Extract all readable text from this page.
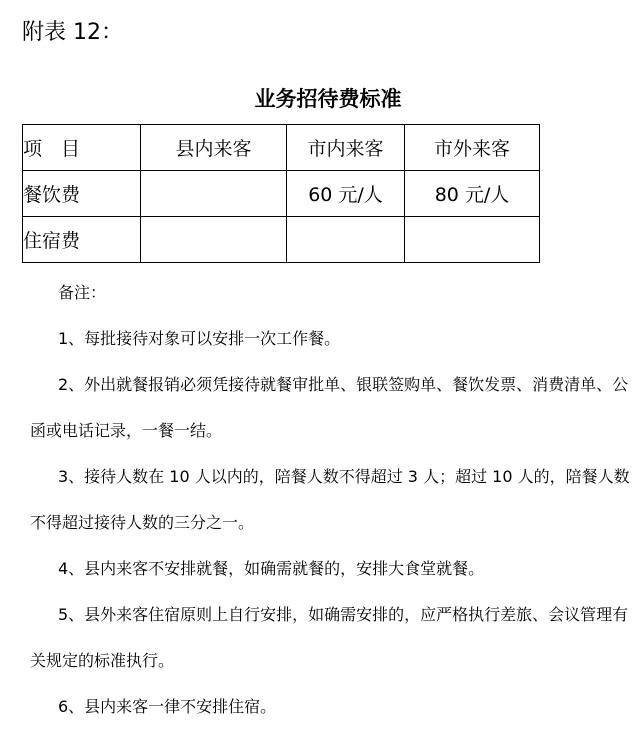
附表 12：
业务招待费标准
项　目	县内来客	市内来客	市外来客
餐饮费		60 元/人	80 元/人
住宿费			

备注：

1、每批接待对象可以安排一次工作餐。

2、外出就餐报销必须凭接待就餐审批单、银联签购单、餐饮发票、消费清单、公函或电话记录，一餐一结。

3、接待人数在 10 人以内的，陪餐人数不得超过 3 人；超过 10 人的，陪餐人数不得超过接待人数的三分之一。

4、县内来客不安排就餐，如确需就餐的，安排大食堂就餐。

5、县外来客住宿原则上自行安排，如确需安排的，应严格执行差旅、会议管理有关规定的标准执行。

6、县内来客一律不安排住宿。
